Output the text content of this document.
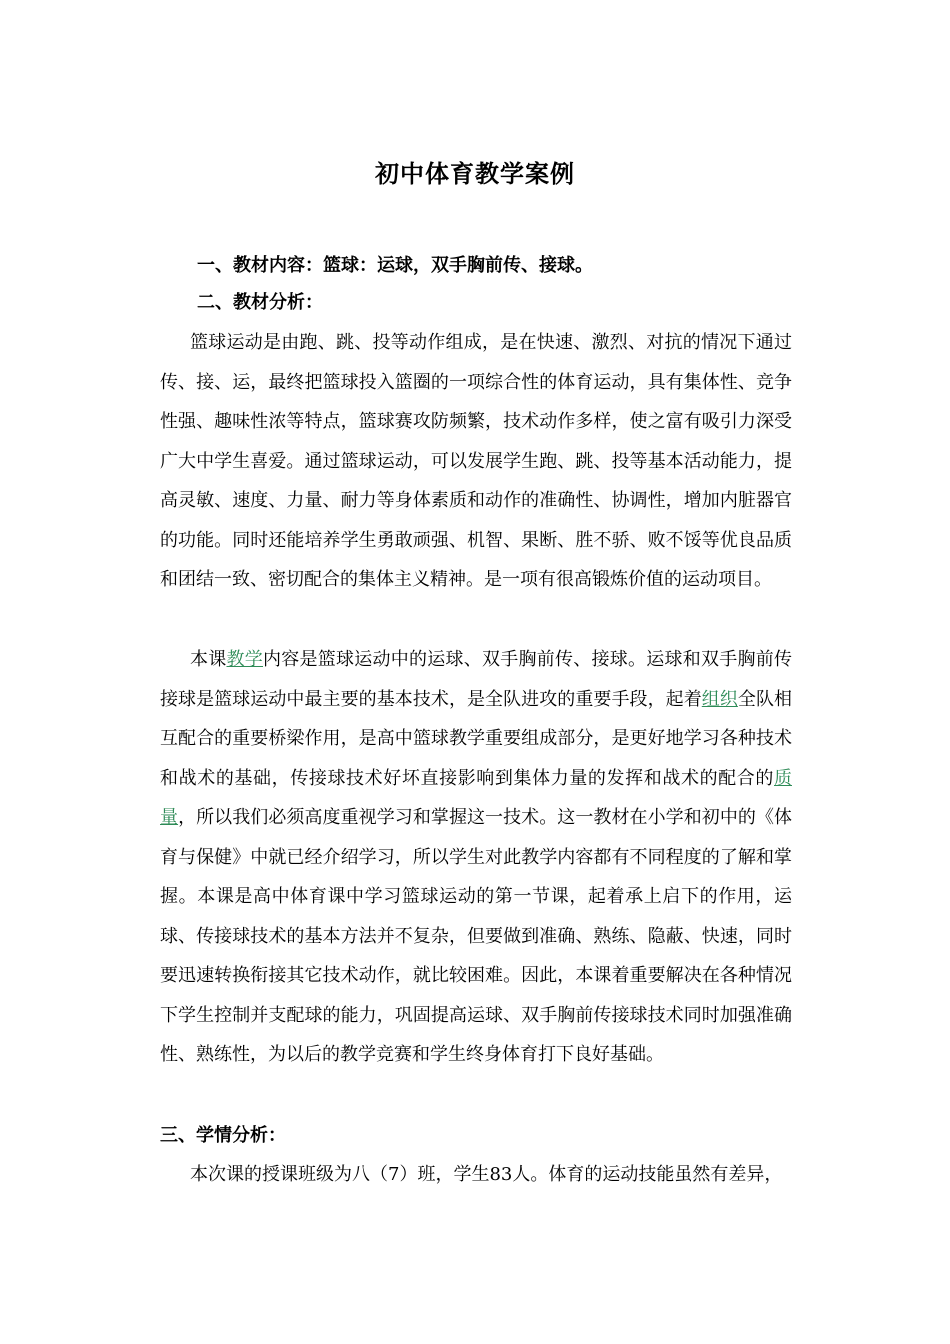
初中体育教学案例
一、教材内容：篮球：运球，双手胸前传、接球。
二、教材分析：
篮球运动是由跑、跳、投等动作组成，是在快速、激烈、对抗的情况下通过传、接、运，最终把篮球投入篮圈的一项综合性的体育运动，具有集体性、竞争性强、趣味性浓等特点，篮球赛攻防频繁，技术动作多样，使之富有吸引力深受广大中学生喜爱。通过篮球运动，可以发展学生跑、跳、投等基本活动能力，提高灵敏、速度、力量、耐力等身体素质和动作的准确性、协调性，增加内脏器官的功能。同时还能培养学生勇敢顽强、机智、果断、胜不骄、败不馁等优良品质和团结一致、密切配合的集体主义精神。是一项有很高锻炼价值的运动项目。
本课教学内容是篮球运动中的运球、双手胸前传、接球。运球和双手胸前传接球是篮球运动中最主要的基本技术，是全队进攻的重要手段，起着组织全队相互配合的重要桥梁作用，是高中篮球教学重要组成部分，是更好地学习各种技术和战术的基础，传接球技术好坏直接影响到集体力量的发挥和战术的配合的质量，所以我们必须高度重视学习和掌握这一技术。这一教材在小学和初中的《体育与保健》中就已经介绍学习，所以学生对此教学内容都有不同程度的了解和掌握。本课是高中体育课中学习篮球运动的第一节课，起着承上启下的作用，运球、传接球技术的基本方法并不复杂，但要做到准确、熟练、隐蔽、快速，同时要迅速转换衔接其它技术动作，就比较困难。因此，本课着重要解决在各种情况下学生控制并支配球的能力，巩固提高运球、双手胸前传接球技术同时加强准确性、熟练性，为以后的教学竞赛和学生终身体育打下良好基础。
三、学情分析：
本次课的授课班级为八（7）班，学生83人。体育的运动技能虽然有差异，
